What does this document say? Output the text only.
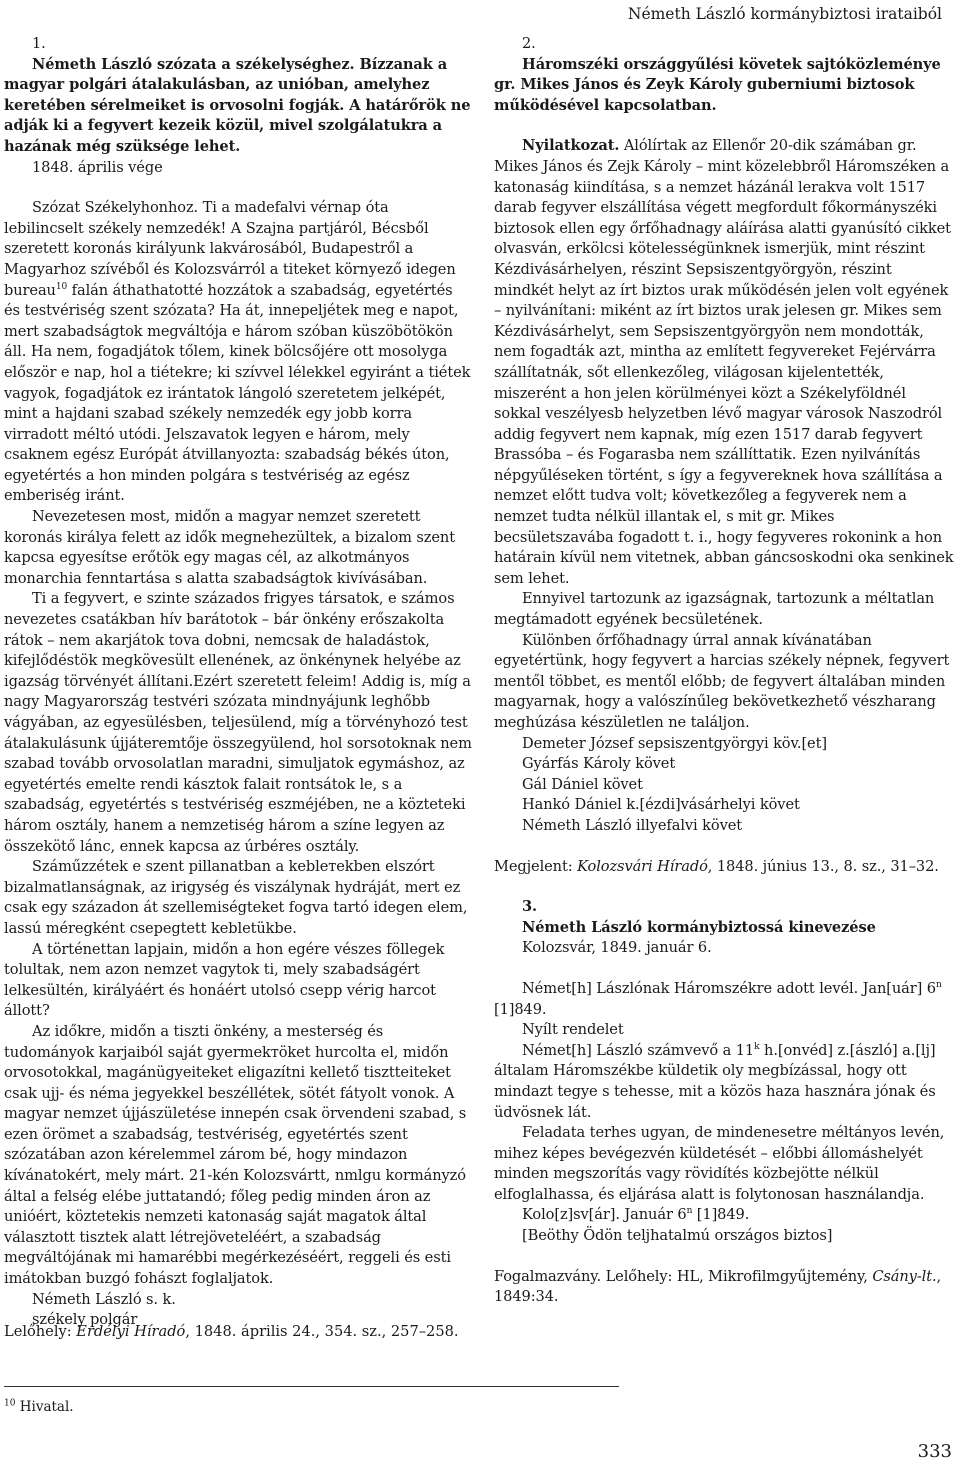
Németh László kormánybiztosi irataiból

1.

Németh László szózata a székelységhez. Bízzanak a magyar polgári átalakulásban, az unióban, amelyhez keretében sérelmeiket is orvosolni fogják. A határőrök ne adják ki a fegyvert kezeik közül, mivel szolgálatukra a hazának még szüksége lehet.

1848. április vége

Szózat Székelyhonhoz. Ti a madefalvi vérnap óta lebilincselt székely nemzedék! A Szajna partjáról, Bécsből szeretett koronás királyunk lakvárosából, Budapestről a Magyarhoz szívéből és Kolozsvárról a titeket környező idegen bureau$^{10}$ falán áthathatotté hozzátok a szabadság, egyetértés és testvériség szent szózata? Ha át, innepeljétek meg e napot, mert szabadságtok megváltója e három szóban küszöbötökön áll. Ha nem, fogadjátok tőlem, kinek bölcsőjére ott mosolyga először e nap, hol a tiétekre; ki szívvel lélekkel egyiránt a tiétek vagyok, fogadjátok ez irántatok lángoló szeretetem jelképét, mint a hajdani szabad székely nemzedék egy jobb korra virradott méltó utódi. Jelszavatok legyen e három, mely csaknem egész Európát átvillanyozta: szabadság békés úton, egyetértés a hon minden polgára s testvériség az egész emberiség iránt.

Nevezetesen most, midőn a magyar nemzet szeretett koronás királya felett az idők megnehezültek, a bizalom szent kapcsa egyesítse erőtök egy magas cél, az alkotmányos monarchia fenntartása s alatta szabadságtok kivívásában.

Ti a fegyvert, e szinte százados frigyes társatok, e számos nevezetes csatákban hív barátotok – bár önkény erőszakolta rátok – nem akarjátok tova dobni, nemcsak de haladástok, kifejlődéstök megkövesült ellenének, az önkénynek helyébe az igazság törvényét állítani.Ezért szeretett feleim! Addig is, míg a nagy Magyarország testvéri szózata mindnyájunk leghőbb vágyában, az egyesülésben, teljesülend, míg a törvényhozó test átalakulásunk újjáteremtője összegyülend, hol sorsotoknak nem szabad tovább orvosolatlan maradni, simuljatok egymáshoz, az egyetértés emelte rendi kásztok falait rontsátok le, s a szabadság, egyetértés s testvériség eszméjében, ne a közteteki három osztály, hanem a nemzetiség három a színe legyen az összekötő lánc, ennek kapcsa az úrbéres osztály.

Száműzzétek e szent pillanatban a keblетekben elszórt bizalmatlanságnak, az irigység és viszálynak hydráját, mert ez csak egy századon át szellemiségteket fogva tartó idegen elem, lassú méregként csepegtett kebletükbe.

A történettan lapjain, midőn a hon egére vészes föllegek tolultak, nem azon nemzet vagytok ti, mely szabadságért lelkesültén, királyáért és honáért utolsó csepp vérig harcot állott?

Az időkre, midőn a tiszti önkény, a mesterség és tudományok karjaiból saját gyermekтöket hurcolta el, midőn orvosotokkal, magánügyeiteket eligazítni kellető tisztteiteket csak ujj- és néma jegyekkel beszéllétek, sötét fátyolt vonok. A magyar nemzet újjászületése innepén csak örvendeni szabad, s ezen örömet a szabadság, testvériség, egyetértés szent szózatában azon kérelemmel zárom bé, hogy mindazon kívánatokért, mely márt. 21-kén Kolozsvártt, nmlgu kormányzó által a felség elébe juttatandó; főleg pedig minden áron az unióért, köztetekis nemzeti katonaság saját magatok által választott tisztek alatt létrejöveteléért, a szabadság megváltójának mi hamarébbi megérkezéséért, reggeli és esti imátokban buzgó fohászt foglaljatok.

Németh László s. k.

székely polgár

Lelőhely: Erdélyi Híradó, 1848. április 24., 354. sz., 257–258.

2.

Háromszéki országgyűlési követek sajtóközleménye gr. Mikes János és Zeyk Károly guberniumi biztosok működésével kapcsolatban.

Nyilatkozat. Alólírtak az Ellenőr 20-dik számában gr. Mikes János és Zejk Károly – mint közelebbről Háromszéken a katonaság kiindítása, s a nemzet házánál lerakva volt 1517 darab fegyver elszállítása végett megfordult főkormányszéki biztosok ellen egy őrfőhadnagy aláírása alatti gyanúsító cikket olvasván, erkölcsi kötelességünknek ismerjük, mint részint Kézdivásárhelyen, részint Sepsiszentgyörgyön, részint mindkét helyt az írt biztos urak működésén jelen volt egyének – nyilvánítani: miként az írt biztos urak jelesen gr. Mikes sem Kézdivásárhelyt, sem Sepsiszentgyörgyön nem mondották, nem fogadták azt, mintha az említett fegyvereket Fejérvárra szállítatnák, sőt ellenkezőleg, világosan kijelentették, miszerént a hon jelen körülményei közt a Székelyföldnél sokkal veszélyesb helyzetben lévő magyar városok Naszodról addig fegyvert nem kapnak, míg ezen 1517 darab fegyvert Brassóba – és Fogarasba nem szállíttatik. Ezen nyilvánítás népgyűléseken történt, s így a fegyvereknek hova szállítása a nemzet előtt tudva volt; következőleg a fegyverek nem a nemzet tudta nélkül illantak el, s mit gr. Mikes becsületszavába fogadott t. i., hogy fegyveres rokonink a hon határain kívül nem vitetnek, abban gáncsoskodni oka senkinek sem lehet.

Ennyivel tartozunk az igazságnak, tartozunk a méltatlan megtámadott egyének becsületének.

Különben őrfőhadnagy úrral annak kívánatában egyetértünk, hogy fegyvert a harcias székely népnek, fegyvert mentől többet, es mentől előbb; de fegyvert általában minden magyarnak, hogy a valószínűleg bekövetkezhető vészharang meghúzása készületlen ne találjon.

Demeter József sepsiszentgyörgyi köv.[et]

Gyárfás Károly követ

Gál Dániel követ

Hankó Dániel k.[ézdi]vásárhelyi követ

Németh László illyefalvi követ

Megjelent: Kolozsvári Híradó, 1848. június 13., 8. sz., 31–32.

3.

Németh László kormánybiztossá kinevezése

Kolozsvár, 1849. január 6.

Német[h] Lászlónak Háromszékre adott levél. Jan[uár] 6$^n$ [1]849.

Nyílt rendelet

Német[h] László számvevő a 11$^k$ h.[onvéd] z.[ászló] a.[lj] általam Háromszékbe küldetik oly megbízással, hogy ott mindazt tegye s tehesse, mit a közös haza hasznára jónak és üdvösnek lát.

Feladata terhes ugyan, de mindenesetre méltányos levén, mihez képes bevégezvén küldetését – előbbi állomáshelyét minden megszorítás vagy rövidítés közbejötte nélkül elfoglalhassa, és eljárása alatt is folytonosan használandja.

Kolo[z]sv[ár]. Január 6$^n$ [1]849.

[Beöthy Ödön teljhatalmú országos biztos]

Fogalmazvány. Lelőhely: HL, Mikrofilmgyűjtemény, Csány-lt.,
1849:34.

$^{10}$ Hivatal.
333
